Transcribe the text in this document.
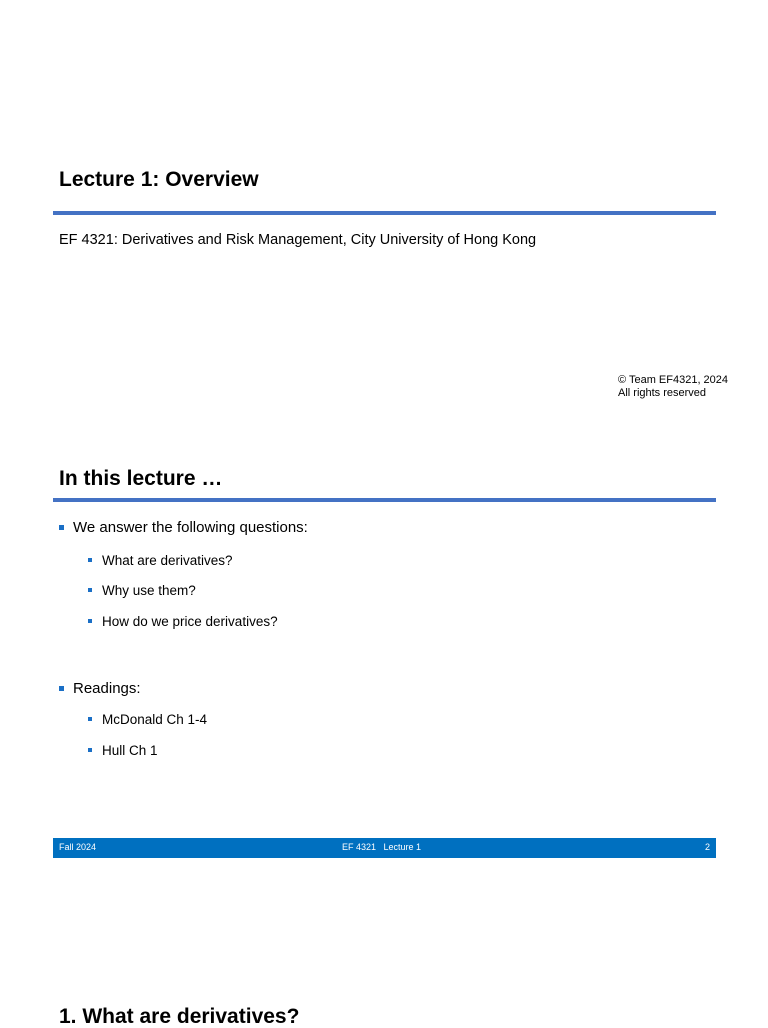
Lecture 1: Overview

EF 4321: Derivatives and Risk Management, City University of Hong Kong

© Team EF4321, 2024
All rights reserved
In this lecture …
We answer the following questions:
What are derivatives?
Why use them?
How do we price derivatives?
Readings:
McDonald Ch 1-4
Hull Ch 1
Fall 2024	EF 4321   Lecture 1	2
1. What are derivatives?
